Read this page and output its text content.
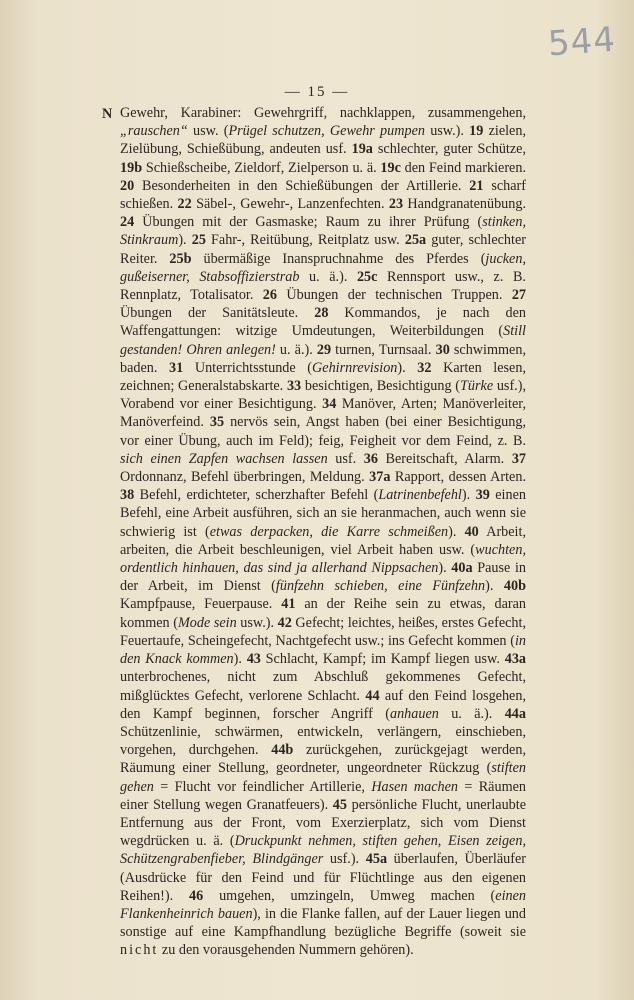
544
— 15 —
N Gewehr, Karabiner: Gewehrgriff, nachklappen, zusammengehen, „rauschen“ usw. (Prügel schutzen, Gewehr pumpen usw.). 19 zielen, Zielübung, Schießübung, andeuten usf. 19a schlechter, guter Schütze, 19b Schießscheibe, Zieldorf, Zielperson u. ä. 19c den Feind markieren. 20 Besonderheiten in den Schießübungen der Artillerie. 21 scharf schießen. 22 Säbel-, Gewehr-, Lanzenfechten. 23 Handgranatenübung. 24 Übungen mit der Gasmaske; Raum zu ihrer Prüfung (stinken, Stinkraum). 25 Fahr-, Reitübung, Reitplatz usw. 25a guter, schlechter Reiter. 25b übermäßige Inanspruchnahme des Pferdes (jucken, gußeiserner, Stabsoffizierstrab u. ä.). 25c Rennsport usw., z. B. Rennplatz, Totalisator. 26 Übungen der technischen Truppen. 27 Übungen der Sanitätsleute. 28 Kommandos, je nach den Waffengattungen: witzige Umdeutungen, Weiterbildungen (Still gestanden! Ohren anlegen! u. ä.). 29 turnen, Turnsaal. 30 schwimmen, baden. 31 Unterrichtsstunde (Gehirnrevision). 32 Karten lesen, zeichnen; Generalstabskarte. 33 besichtigen, Besichtigung (Türke usf.), Vorabend vor einer Besichtigung. 34 Manöver, Arten; Manöverleiter, Manöverfeind. 35 nervös sein, Angst haben (bei einer Besichtigung, vor einer Übung, auch im Feld); feig, Feigheit vor dem Feind, z. B. sich einen Zapfen wachsen lassen usf. 36 Bereitschaft, Alarm. 37 Ordonnanz, Befehl überbringen, Meldung. 37a Rapport, dessen Arten. 38 Befehl, erdichteter, scherzhafter Befehl (Latrinenbefehl). 39 einen Befehl, eine Arbeit ausführen, sich an sie heranmachen, auch wenn sie schwierig ist (etwas derpacken, die Karre schmeißen). 40 Arbeit, arbeiten, die Arbeit beschleunigen, viel Arbeit haben usw. (wuchten, ordentlich hinhauen, das sind ja allerhand Nippsachen). 40a Pause in der Arbeit, im Dienst (fünfzehn schieben, eine Fünfzehn). 40b Kampfpause, Feuerpause. 41 an der Reihe sein zu etwas, daran kommen (Mode sein usw.). 42 Gefecht; leichtes, heißes, erstes Gefecht, Feuertaufe, Scheingefecht, Nachtgefecht usw.; ins Gefecht kommen (in den Knack kommen). 43 Schlacht, Kampf; im Kampf liegen usw. 43a unterbrochenes, nicht zum Abschluß gekommenes Gefecht, mißglücktes Gefecht, verlorene Schlacht. 44 auf den Feind losgehen, den Kampf beginnen, forscher Angriff (anhauen u. ä.). 44a Schützenlinie, schwärmen, entwickeln, verlängern, einschieben, vorgehen, durchgehen. 44b zurückgehen, zurückgejagt werden, Räumung einer Stellung, geordneter, ungeordneter Rückzug (stiften gehen = Flucht vor feindlicher Artillerie, Hasen machen = Räumen einer Stellung wegen Granatfeuers). 45 persönliche Flucht, unerlaubte Entfernung aus der Front, vom Exerzierplatz, sich vom Dienst wegdrücken u. ä. (Druckpunkt nehmen, stiften gehen, Eisen zeigen, Schützengrabenfieber, Blindgänger usf.). 45a überlaufen, Überläufer (Ausdrücke für den Feind und für Flüchtlinge aus den eigenen Reihen!). 46 umgehen, umzingeln, Umweg machen (einen Flankenheinrich bauen), in die Flanke fallen, auf der Lauer liegen und sonstige auf eine Kampfhandlung bezügliche Begriffe (soweit sie nicht zu den vorausgehenden Nummern gehören).
